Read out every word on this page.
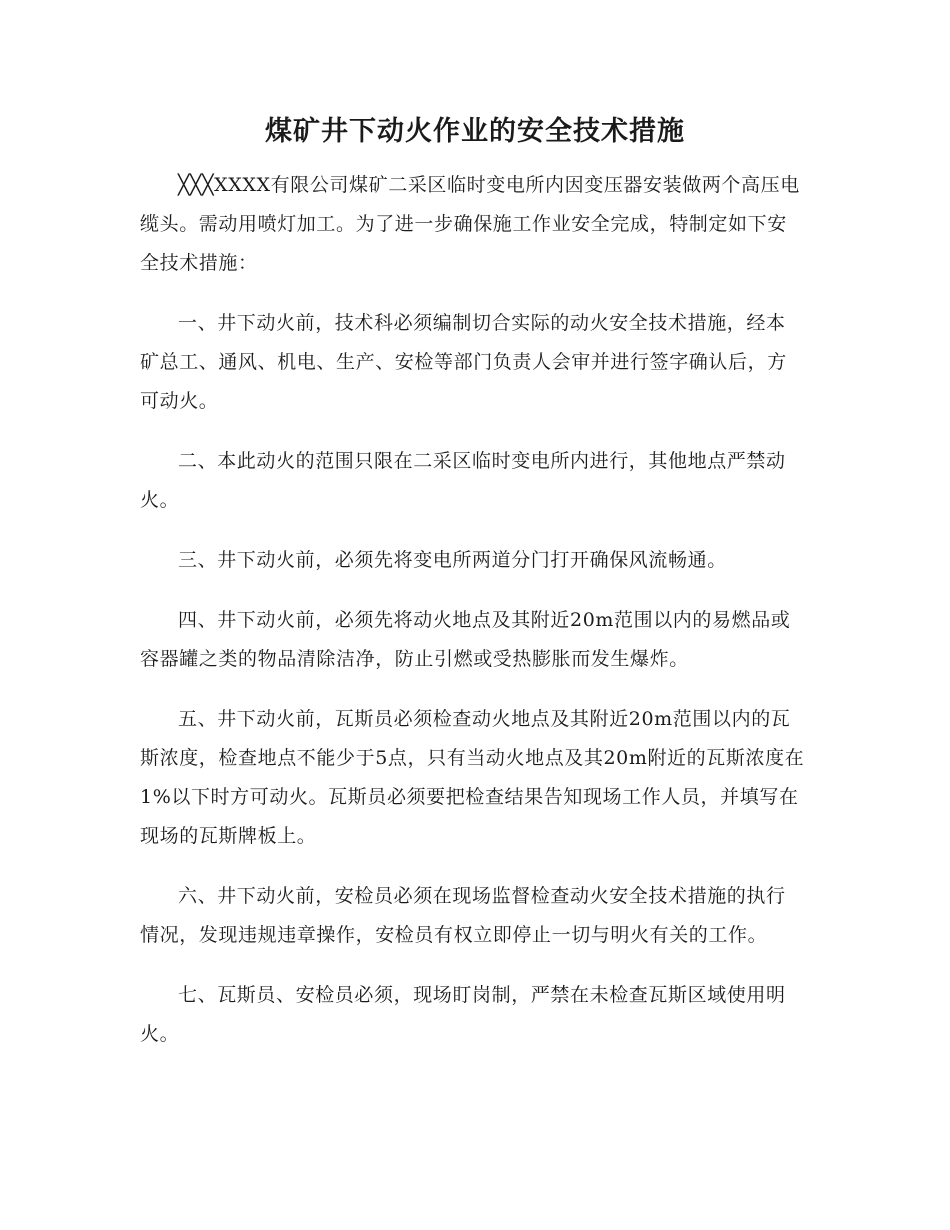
煤矿井下动火作业的安全技术措施

╳╳╳XXXX有限公司煤矿二采区临时变电所内因变压器安装做两个高压电缆头。需动用喷灯加工。为了进一步确保施工作业安全完成，特制定如下安全技术措施：

一、井下动火前，技术科必须编制切合实际的动火安全技术措施，经本矿总工、通风、机电、生产、安检等部门负责人会审并进行签字确认后，方可动火。

二、本此动火的范围只限在二采区临时变电所内进行，其他地点严禁动火。

三、井下动火前，必须先将变电所两道分门打开确保风流畅通。

四、井下动火前，必须先将动火地点及其附近20m范围以内的易燃品或容器罐之类的物品清除洁净，防止引燃或受热膨胀而发生爆炸。

五、井下动火前，瓦斯员必须检查动火地点及其附近20m范围以内的瓦斯浓度，检查地点不能少于5点，只有当动火地点及其20m附近的瓦斯浓度在1%以下时方可动火。瓦斯员必须要把检查结果告知现场工作人员，并填写在现场的瓦斯牌板上。

六、井下动火前，安检员必须在现场监督检查动火安全技术措施的执行情况，发现违规违章操作，安检员有权立即停止一切与明火有关的工作。

七、瓦斯员、安检员必须，现场盯岗制，严禁在未检查瓦斯区域使用明火。
